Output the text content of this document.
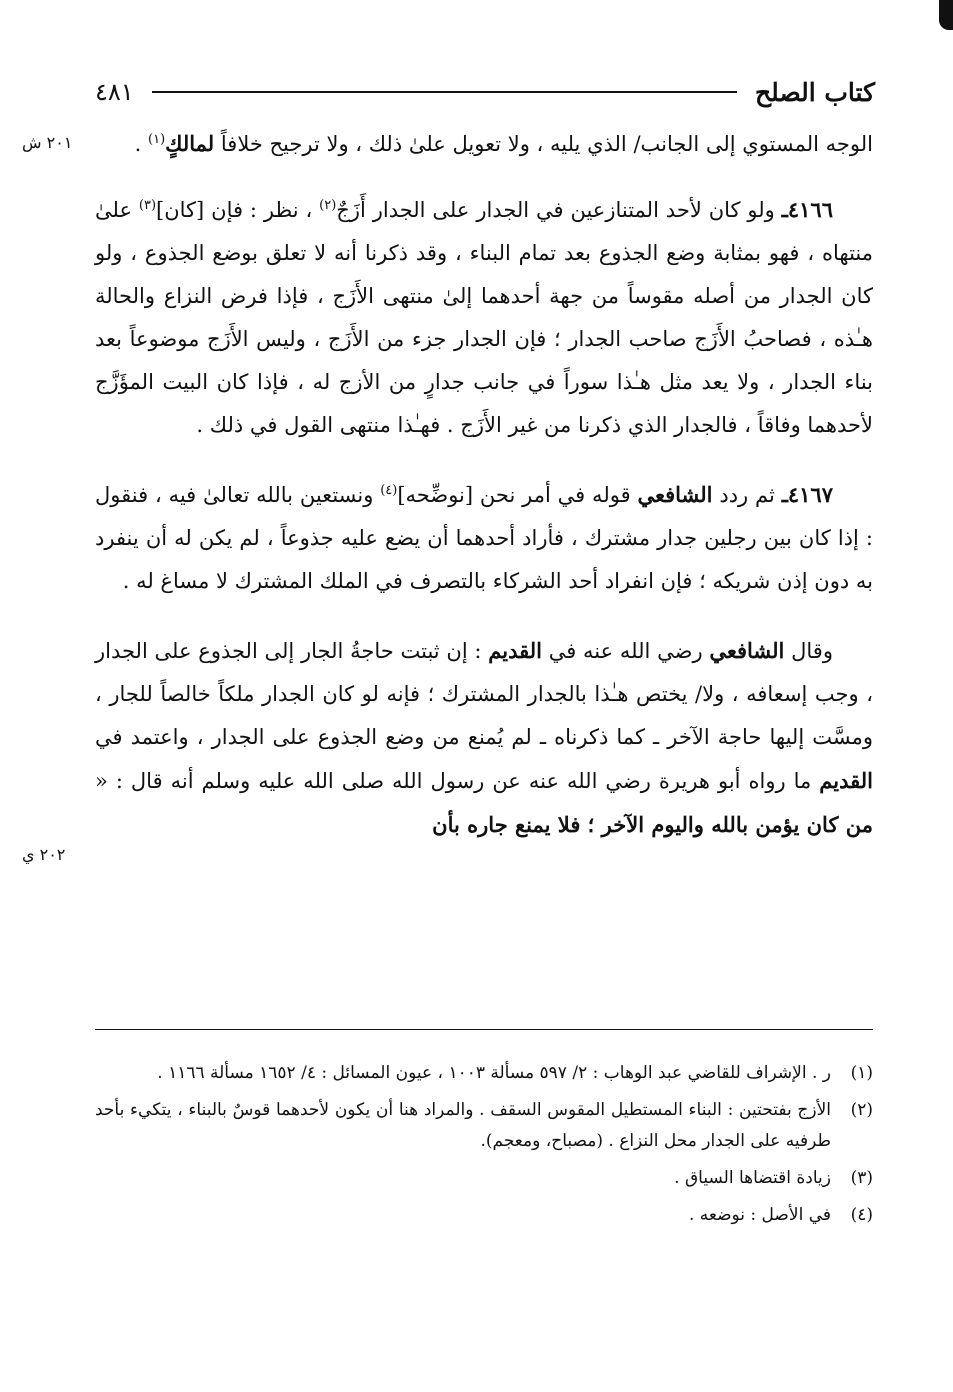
كتاب الصلح
٤٨١
٢٠١ ش
٢٠٢ ي

الوجه المستوي إلى الجانب/ الذي يليه ، ولا تعويل علىٰ ذلك ، ولا ترجيح خلافاً لمالكٍ$^{(١)}$ .

٤١٦٦ـ ولو كان لأحد المتنازعين في الجدار على الجدار أَزَجٌ$^{(٢)}$ ، نظر : فإن [كان]$^{(٣)}$ علىٰ منتهاه ، فهو بمثابة وضع الجذوع بعد تمام البناء ، وقد ذكرنا أنه لا تعلق بوضع الجذوع ، ولو كان الجدار من أصله مقوساً من جهة أحدهما إلىٰ منتهى الأَزَج ، فإذا فرض النزاع والحالة هـٰذه ، فصاحبُ الأَزَج صاحب الجدار ؛ فإن الجدار جزء من الأَزَج ، وليس الأَزَج موضوعاً بعد بناء الجدار ، ولا يعد مثل هـٰذا سوراً في جانب جدارٍ من الأزج له ، فإذا كان البيت المؤَزَّج لأحدهما وفاقاً ، فالجدار الذي ذكرنا من غير الأَزَج . فهـٰذا منتهى القول في ذلك .

٤١٦٧ـ ثم ردد الشافعي قوله في أمر نحن [نوضِّحه]$^{(٤)}$ ونستعين بالله تعالىٰ فيه ، فنقول : إذا كان بين رجلين جدار مشترك ، فأراد أحدهما أن يضع عليه جذوعاً ، لم يكن له أن ينفرد به دون إذن شريكه ؛ فإن انفراد أحد الشركاء بالتصرف في الملك المشترك لا مساغ له .

وقال الشافعي رضي الله عنه في القديم : إن ثبتت حاجةُ الجار إلى الجذوع على الجدار ، وجب إسعافه ، ولا/ يختص هـٰذا بالجدار المشترك ؛ فإنه لو كان الجدار ملكاً خالصاً للجار ، ومسَّت إليها حاجة الآخر ـ كما ذكرناه ـ لم يُمنع من وضع الجذوع على الجدار ، واعتمد في القديم ما رواه أبو هريرة رضي الله عنه عن رسول الله صلى الله عليه وسلم أنه قال : « من كان يؤمن بالله واليوم الآخر ؛ فلا يمنع جاره بأن

(١)
ر . الإشراف للقاضي عبد الوهاب : ٢/ ٥٩٧ مسألة ١٠٠٣ ، عيون المسائل : ٤/ ١٦٥٢ مسألة ١١٦٦ .
(٢)
الأزج بفتحتين : البناء المستطيل المقوس السقف . والمراد هنا أن يكون لأحدهما قوسٌ بالبناء ، يتكيء بأحد طرفيه على الجدار محل النزاع . (مصباح، ومعجم).
(٣)
زيادة اقتضاها السياق .
(٤)
في الأصل : نوضعه .
